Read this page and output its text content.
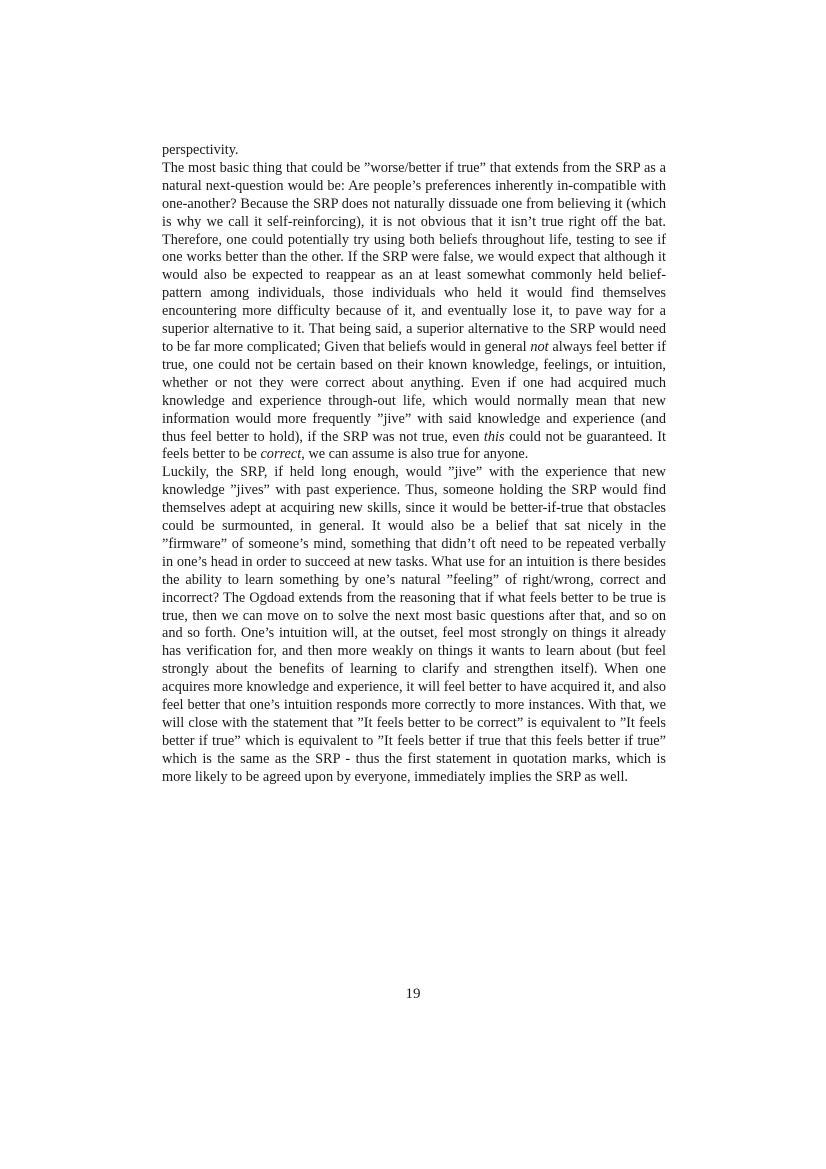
perspectivity.

The most basic thing that could be ”worse/better if true” that extends from the SRP as a natural next-question would be: Are people’s preferences inherently in-compatible with one-another? Because the SRP does not naturally dissuade one from believing it (which is why we call it self-reinforcing), it is not obvious that it isn’t true right off the bat. Therefore, one could potentially try using both beliefs throughout life, testing to see if one works better than the other. If the SRP were false, we would expect that although it would also be expected to reappear as an at least somewhat commonly held belief-pattern among individuals, those individuals who held it would find themselves encountering more difficulty because of it, and eventually lose it, to pave way for a superior alternative to it. That being said, a superior alternative to the SRP would need to be far more complicated; Given that beliefs would in general not always feel better if true, one could not be certain based on their known knowledge, feelings, or intuition, whether or not they were correct about anything. Even if one had acquired much knowledge and experience through-out life, which would normally mean that new information would more frequently ”jive” with said knowledge and experience (and thus feel better to hold), if the SRP was not true, even this could not be guaranteed. It feels better to be correct, we can assume is also true for anyone.

Luckily, the SRP, if held long enough, would ”jive” with the experience that new knowledge ”jives” with past experience. Thus, someone holding the SRP would find themselves adept at acquiring new skills, since it would be better-if-true that obstacles could be surmounted, in general. It would also be a belief that sat nicely in the ”firmware” of someone’s mind, something that didn’t oft need to be repeated verbally in one’s head in order to succeed at new tasks. What use for an intuition is there besides the ability to learn something by one’s natural ”feeling” of right/wrong, correct and incorrect? The Ogdoad extends from the reasoning that if what feels better to be true is true, then we can move on to solve the next most basic questions after that, and so on and so forth. One’s intuition will, at the outset, feel most strongly on things it already has verification for, and then more weakly on things it wants to learn about (but feel strongly about the benefits of learning to clarify and strengthen itself). When one acquires more knowledge and experience, it will feel better to have acquired it, and also feel better that one’s intuition responds more correctly to more instances. With that, we will close with the statement that ”It feels better to be correct” is equivalent to ”It feels better if true” which is equivalent to ”It feels better if true that this feels better if true” which is the same as the SRP - thus the first statement in quotation marks, which is more likely to be agreed upon by everyone, immediately implies the SRP as well.

19
